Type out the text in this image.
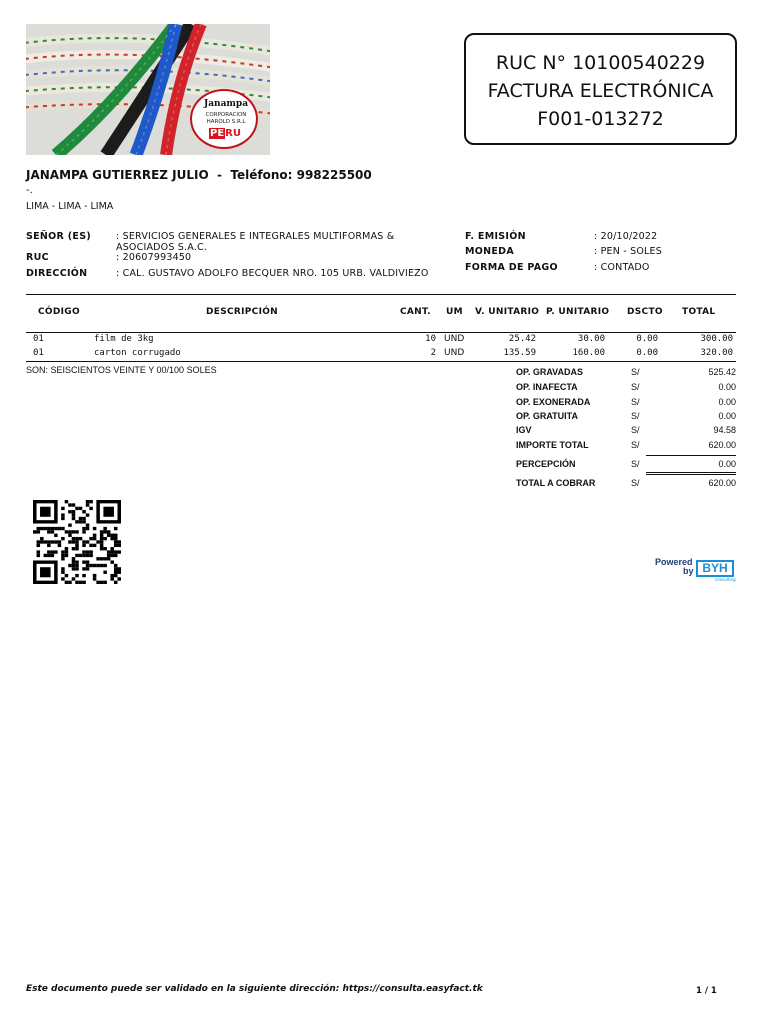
Janampa
CORPORACION
HAROLD S.R.L
PERU
RUC N° 10100540229
FACTURA ELECTRÓNICA
F001-013272
JANAMPA GUTIERREZ JULIO  -  Teléfono: 998225500
-.
LIMA - LIMA - LIMA
SEÑOR (ES)	: SERVICIOS GENERALES E INTEGRALES MULTIFORMAS &
ASOCIADOS S.A.C.
RUC	: 20607993450
DIRECCIÓN	: CAL. GUSTAVO ADOLFO BECQUER NRO. 105 URB. VALDIVIEZO
F. EMISIÓN	: 20/10/2022
MONEDA	: PEN - SOLES
FORMA DE PAGO	: CONTADO
CÓDIGO	DESCRIPCIÓN	CANT. UM V. UNITARIO P. UNITARIO DSCTO TOTAL
01	film de 3kg	10 UND	25.42	30.00	0.00	300.00
01	carton corrugado	2 UND	135.59	160.00	0.00	320.00
SON: SEISCIENTOS VEINTE Y 00/100 SOLES	OP. GRAVADAS	S/	525.42
OP. INAFECTA	S/	0.00
OP. EXONERADA	S/	0.00
OP. GRATUITA	S/	0.00
IGV	S/	94.58
IMPORTE TOTAL	S/	620.00
PERCEPCIÓN	S/	0.00
TOTAL A COBRAR	S/	620.00
Powered
by BYH
consulting
Este documento puede ser validado en la siguiente dirección: https://consulta.easyfact.tk	1 / 1
